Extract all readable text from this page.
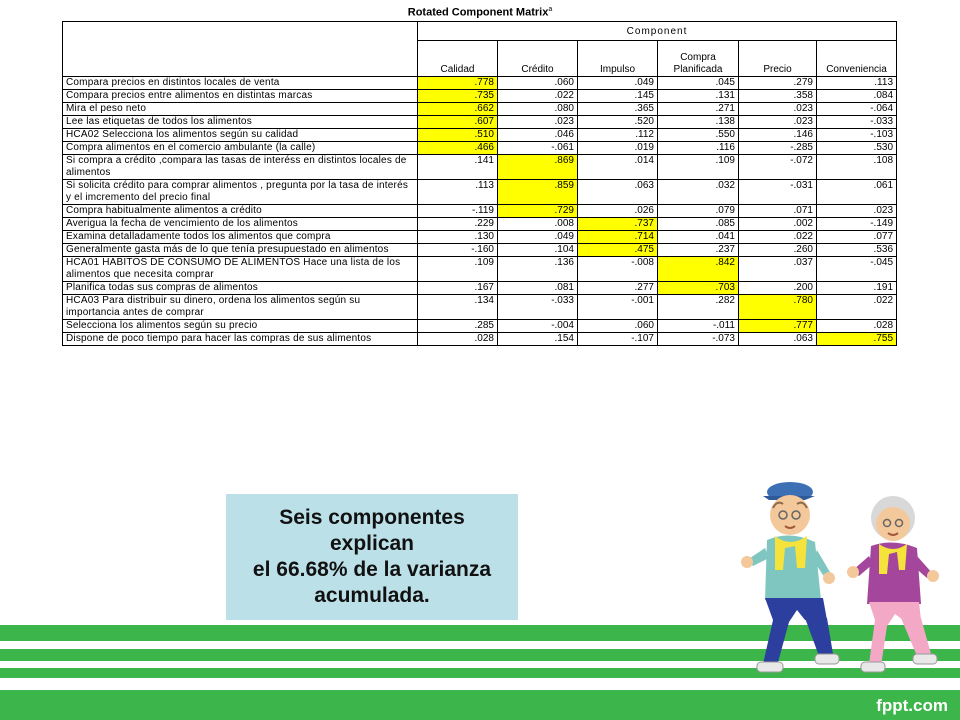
Rotated Component Matrix$^a$
	Component					
	Calidad	Crédito	Impulso	Compra Planificada	Precio	Conveniencia
Compara precios en distintos locales de venta	.778	.060	.049	.045	.279	.113
Compara precios entre alimentos en distintas marcas	.735	.022	.145	.131	.358	.084
Mira el peso neto	.662	.080	.365	.271	.023	-.064
Lee las etiquetas de todos los alimentos	.607	.023	.520	.138	.023	-.033
HCA02 Selecciona los alimentos según su calidad	.510	.046	.112	.550	.146	-.103
Compra alimentos en el comercio ambulante (la calle)	.466	-.061	.019	.116	-.285	.530
Si compra a crédito ,compara las tasas de interéss en distintos locales de alimentos	.141	.869	.014	.109	-.072	.108
Si solicita crédito para comprar alimentos , pregunta por la tasa de interés y el imcremento del precio final	.113	.859	.063	.032	-.031	.061
Compra habitualmente alimentos a crédito	-.119	.729	.026	.079	.071	.023
Averigua la fecha de vencimiento de los alimentos	.229	.008	.737	.085	.002	-.149
Examina detalladamente todos los alimentos que compra	.130	.049	.714	.041	.022	.077
Generalmente gasta más de lo que tenía presupuestado en alimentos	-.160	.104	.475	.237	.260	.536
HCA01 HABITOS DE CONSUMO DE ALIMENTOS Hace una lista de los alimentos que necesita comprar	.109	.136	-.008	.842	.037	-.045
Planifica todas sus compras de alimentos	.167	.081	.277	.703	.200	.191
HCA03 Para distribuir su dinero, ordena los alimentos según su importancia antes de comprar	.134	-.033	-.001	.282	.780	.022
Selecciona los alimentos según su precio	.285	-.004	.060	-.011	.777	.028
Dispone de poco tiempo para hacer las compras de sus alimentos	.028	.154	-.107	-.073	.063	.755
Seis componentes
explican
el 66.68% de la varianza
acumulada.
fppt.com
